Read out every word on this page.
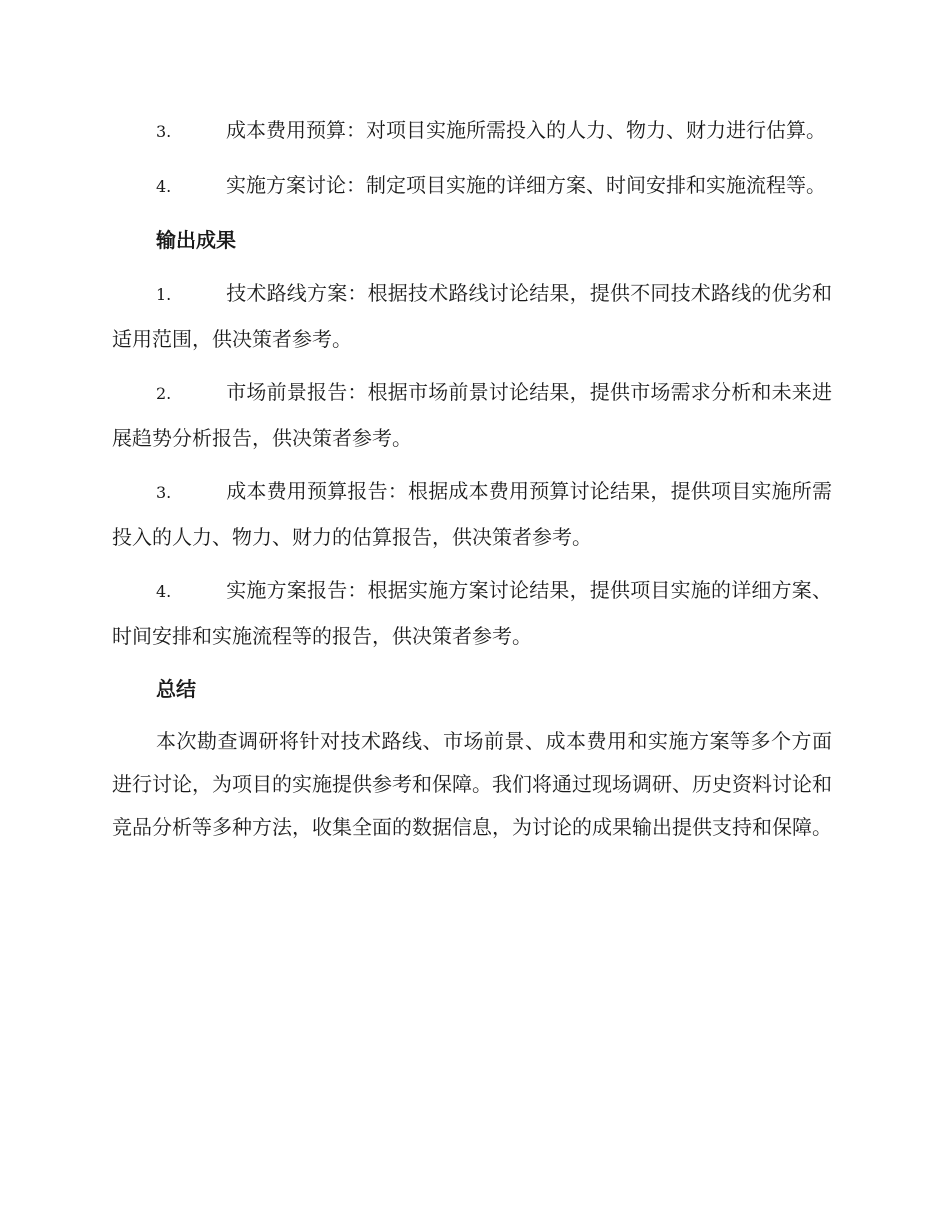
3.	成本费用预算：对项目实施所需投入的人力、物力、财力进行估算。

4.	实施方案讨论：制定项目实施的详细方案、时间安排和实施流程等。

输出成果

1.	技术路线方案：根据技术路线讨论结果，提供不同技术路线的优劣和适用范围，供决策者参考。

2.	市场前景报告：根据市场前景讨论结果，提供市场需求分析和未来进展趋势分析报告，供决策者参考。

3.	成本费用预算报告：根据成本费用预算讨论结果，提供项目实施所需投入的人力、物力、财力的估算报告，供决策者参考。

4.	实施方案报告：根据实施方案讨论结果，提供项目实施的详细方案、时间安排和实施流程等的报告，供决策者参考。

总结

本次勘查调研将针对技术路线、市场前景、成本费用和实施方案等多个方面进行讨论，为项目的实施提供参考和保障。我们将通过现场调研、历史资料讨论和竞品分析等多种方法，收集全面的数据信息，为讨论的成果输出提供支持和保障。
